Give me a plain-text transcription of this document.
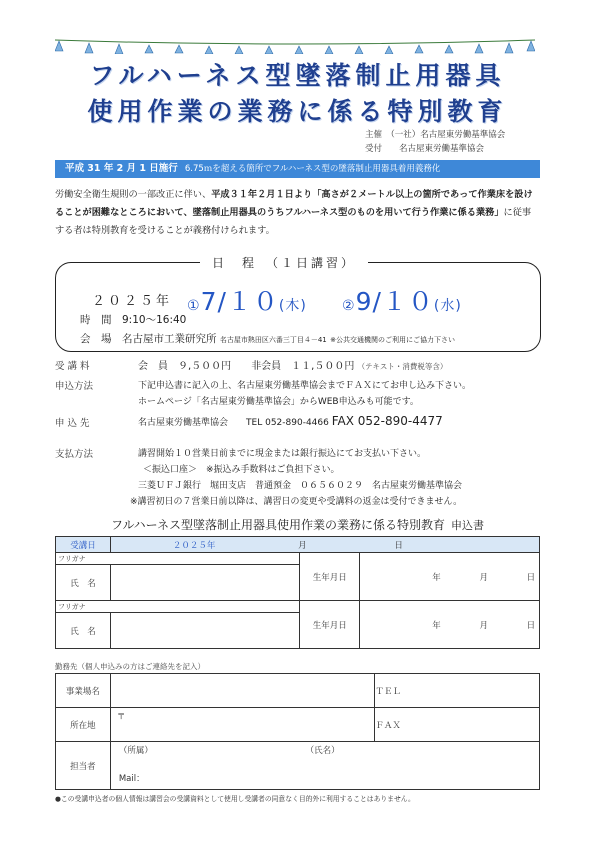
フルハーネス型墜落制止用器具
使用作業の業務に係る特別教育
主催　 （一社）名古屋東労働基準協会
受付　　 名古屋東労働基準協会
平成 31 年 2 月 1 日施行 6.75ｍを超える箇所でフルハーネス型の墜落制止用器具着用義務化
労働安全衛生規則の一部改正に伴い、平成３１年２月１日より「高さが２メートル以上の箇所であって作業床を設けることが困難なところにおいて、墜落制止用器具のうちフルハーネス型のものを用いて行う作業に係る業務」に従事する者は特別教育を受けることが義務付けられます。
日　程　（１日講習）
２０２５年 ①7/１０(木)	②9/１０(水)
時　間　 9:10～16:40
会　場　 名古屋市工業研究所 名古屋市熱田区六番三丁目４－41 ※公共交通機関のご利用にご協力下さい
受 講 料	会　員　９,５００円　　 非会員　１１,５００円 （テキスト・消費税等含）
申込方法	下記申込書に記入の上、名古屋東労働基準協会までＦＡＸにてお申し込み下さい。
ホームページ「名古屋東労働基準協会」からWEB申込みも可能です。
申 込 先	名古屋東労働基準協会　　 TEL 052-890-4466 FAX 052-890-4477
支払方法	講習開始１０営業日前までに現金または銀行振込にてお支払い下さい。
＜振込口座＞　※振込み手数料はご負担下さい。
三菱ＵＦＪ銀行　堀田支店　普通預金　０６５６０２９　名古屋東労働基準協会
※講習初日の７営業日前以降は、講習日の変更や受講料の返金は受付できません。
フルハーネス型墜落制止用器具使用作業の業務に係る特別教育 申込書
受講日	２０２５年 月 日		
フリガナ		生年月日	年 月 日
氏　名			
フリガナ		生年月日	年 月 日
氏　名			
勤務先（個人申込みの方はご連絡先を記入）
事業場名		ＴＥＬ	
所在地	〒	ＦＡＸ	
担当者	（所属） （氏名）
Mail：		
●この受講申込者の個人情報は講習会の受講資料として使用し受講者の同意なく目的外に利用することはありません。
